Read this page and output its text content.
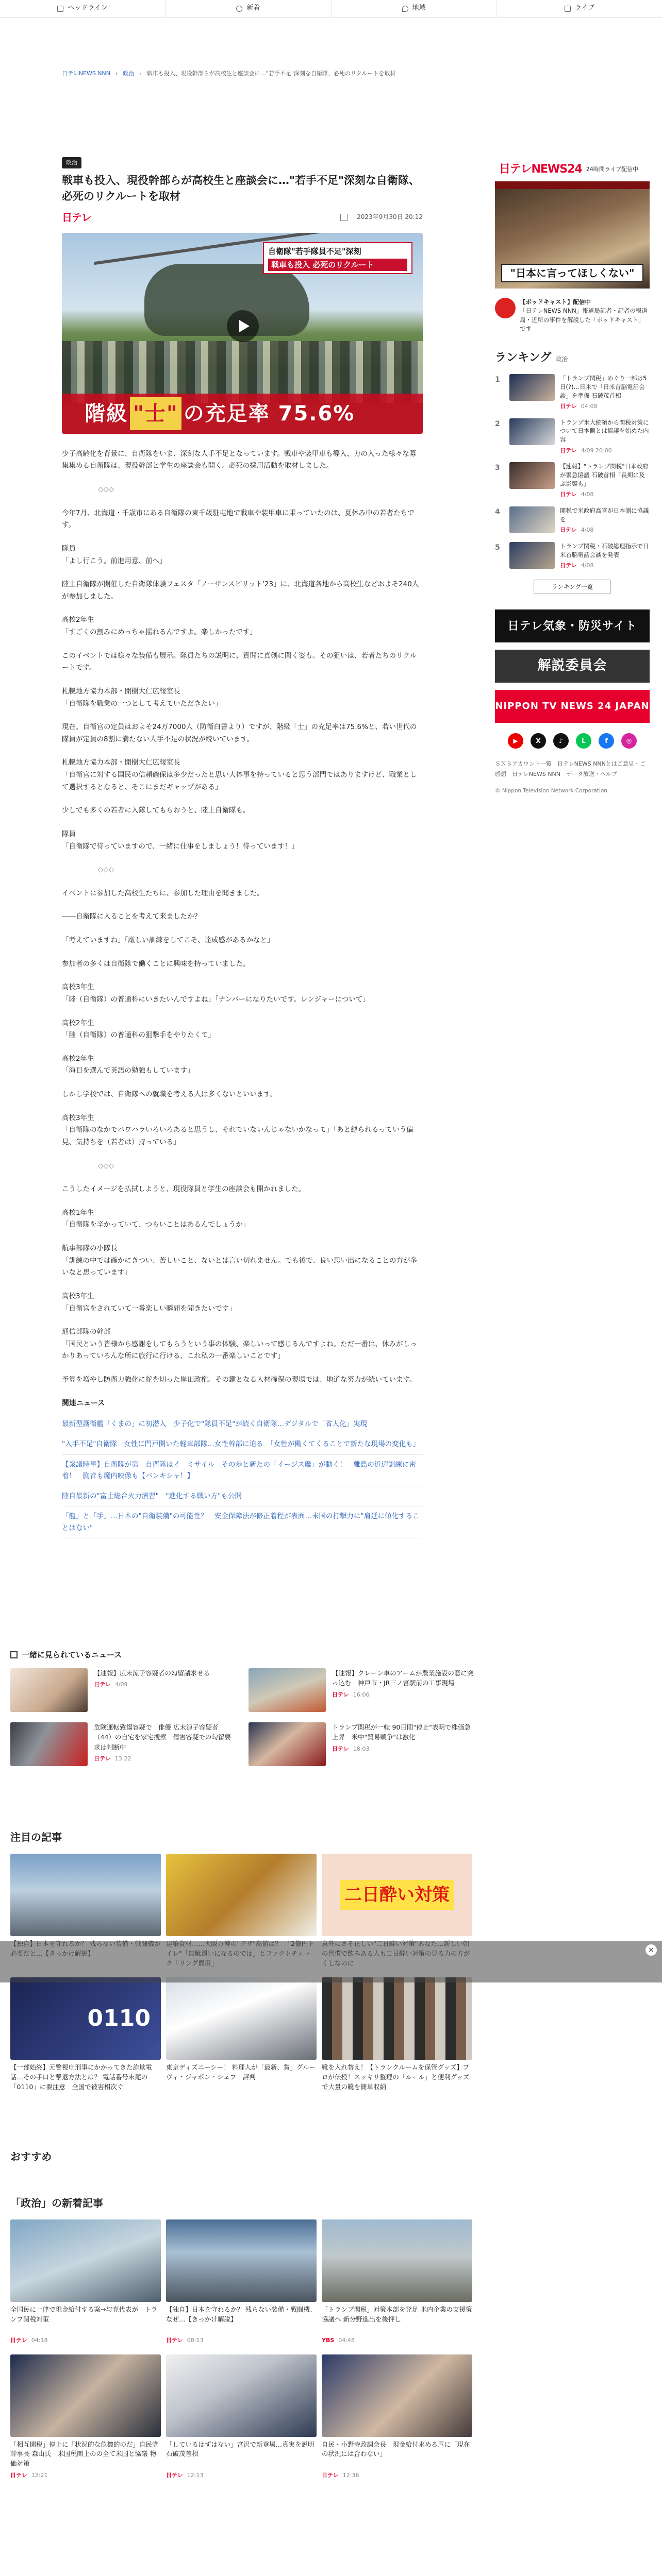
ヘッドライン	新着	地域	ライブ
日テレNEWS NNN › 政治 › 戦車も投入、現役幹部らが高校生と座談会に…"若手不足"深刻な自衛隊、必死のリクルートを取材
政治
戦車も投入、現役幹部らが高校生と座談会に…"若手不足"深刻な自衛隊、必死のリクルートを取材
日テレ	2023年9月30日 20:12
自衛隊"若手隊員不足"深刻
戦車も投入 必死のリクルート
階級 "士" の充足率 75.6%

少子高齢化を背景に、自衛隊をいま、深刻な人手不足となっています。戦車や装甲車も導入、力の入った様々な募集集める自衛隊は、現役幹部と学生の座談会も開く。必死の採用活動を取材しました。

◇◇◇

今年7月、北海道・千歳市にある自衛隊の東千歳駐屯地で戦車や装甲車に乗っていたのは、夏休み中の若者たちです。

隊員
「よし行こう。前進用意、前へ」

陸上自衛隊が開催した自衛隊体験フェスタ「ノーザンスピリット'23」に、北海道各地から高校生などおよそ240人が参加しました。

高校2年生
「すごくの割みにめっちゃ揺れるんですよ。楽しかったです」

このイベントでは様々な装備も展示。隊員たちの説明に、質問に真剣に聞く姿も。その狙いは、若者たちのリクルートです。

札幌地方協力本部・開樹大仁広報室長
「自衛隊を職業の一つとして考えていただきたい」

現在、自衛官の定員はおよそ24万7000人（防衛白書より）ですが、階級「士」の充足率は75.6%と、若い世代の隊員が定員の8割に満たない人手不足の状況が続いています。

札幌地方協力本部・開樹大仁広報室長
「自衛官に対する国民の信頼確保は多少だったと思い大体事を持っていると思う部門ではありますけど、職業として選択するとなると、そこにまだギャップがある」

少しでも多くの若者に入隊してもらおうと、陸上自衛隊も。

隊員
「自衛隊で待っていますので、一緒に仕事をしましょう！待っています！」

◇◇◇

イベントに参加した高校生たちに、参加した理由を聞きました。

――自衛隊に入ることを考えて来ましたか？

「考えていますね」「厳しい訓練をしてこそ、達成感があるかなと」

参加者の多くは自衛隊で働くことに興味を持っていました。

高校3年生
「陸（自衛隊）の普通科にいきたいんですよね」「ナンバーになりたいです。レンジャーについて」

高校2年生
「陸（自衛隊）の普通科の狙撃手をやりたくて」

高校2年生
「海目を選んで英語の勉強もしています」

しかし学校では、自衛隊への就職を考える人は多くないといいます。

高校3年生
「自衛隊のなかでパワハラいろいろあると思うし、それでいないんじゃないかなって」「あと縛られるっていう偏見、気持ちを（若者は）持っている」

◇◇◇

こうしたイメージを払拭しようと、現役隊員と学生の座談会も開かれました。

高校1年生
「自衛隊を辛かっていて、つらいことはあるんでしょうか」

航事部隊の小隊長
「訓練の中では確かにきつい、苦しいこと、ないとは言い切れません。でも後で、良い思い出になることの方が多いなと思っています」

高校3年生
「自衛官をされていて一番楽しい瞬間を聞きたいです」

通信部隊の幹部
「国民という皆様から感謝をしてもらうという事の体験、楽しいって感じるんですよね。ただ一番は、休みがしっかりあっていろんな所に旅行に行ける、これ私の一番楽しいことです」

予算を増やし防衛力強化に舵を切った岸田政権。その鍵となる人材確保の現場では、地道な努力が続いています。

関連ニュース
最新型護衛艦「くまの」に初潜入　少子化で"隊員不足"が続く自衛隊…デジタルで「省人化」実現
"入手不足"自衛隊　女性に門戸開いた軽車部隊…女性幹部に迫る　「女性が働くてくることで新たな現場の変化も」
【衆議時事】自衛隊が第　自衛隊はイ　ミサイル　その歩と新たの「イージス艦」が動く！　離島の近辺訓練に密着！　胸音も魔内映像も【バンキシャ！】
陸自最新の"富士総合火力演習"　"進化する戦い方"も公開
「龍」と「手」…日本の"自衛装備"の可能性？　安全保障法が修正着程が表面…未国の打撃力に"肩延に傾化することはない"
一緒に見られているニュース
【速報】広末涼子容疑者の勾留請求せる
日テレ 4/09
【速報】クレーン車のアームが農業施設の窓に突っ込む　神戸市・JR三ノ宮駅前の工事現場
日テレ 16:06
危険運転致傷容疑で　俳優 広末涼子容疑者（44）の自宅を家宅捜索　傷害容疑での勾留要求は判断中
日テレ 13:22
トランプ関税が一転 90日間"停止"表明で株価急上昇　米中"貿易戦争"は激化
日テレ 18:03
注目の記事
二日酔い対策
0110
【一部始終】元警視庁刑事にかかってきた詐欺電話…その手口と撃退方法とは？ 電話番号末尾の「0110」に要注意　全国で被害相次ぐ
東京ディズニーシー！ 料理人が「最新、賞」グルーヴィ・ジャポン・シェフ　評判
靴を入れ替え！【トランクルームを保管グッズ】プロが伝授！スッキリ整理の「ルール」と便利グッズで大量の靴を簡単収納
×
おすすめ
「政治」の新着記事
全国民に一律で現金給付する案→与党代表が　トランプ関税対策
日テレ 04:18
【独自】日本を守れるか？ 残らない装備・戦闘機、なぜ…【きっかけ解説】
日テレ 08:13
「トランプ関税」対策本部を発足 米内企業の支援策協議へ 新分野進出を後押し
YBS 04:48
「相互関税」停止に「状況的な危機的のだ」自民党幹事長 森山氏　米国税関上のの全て米国と協議 物価対策
日テレ 12:21
「しているはずはない」宮沢で新登場…真実を説明 石破茂首相
日テレ 12:13
自民・小野寺政調会長　現金給付求める声に「現在の状況には合わない」
日テレ 12:36
日テレNEWS24 24時間ライブ配信中
"日本に言ってほしくない"
【ポッドキャスト】配信中
「日テレNEWS NNN」報道局記者・記者の報道局・近所の事件を解説した「ポッドキャスト」です
ランキング 政治
1	「トランプ関税」めぐり一部は5日(?)…日米で「日米首脳電話会談」を準備 石破茂首相
日テレ 04:08
2	トランプ米大統領から関税対策について日本側とは協議を始めた内容
日テレ 4/09 20:00
3	【速報】"トランプ関税"日本政府が緊急協議 石破首相「長期に及ぶ影響も」
日テレ 4/08
4	関税で米政府高官が日本側に協議を
日テレ 4/08
5	トランプ関税・石破総理指示で日米首脳電話会談を発表
日テレ 4/08
ランキング一覧
日テレ気象・防災サイト
解説委員会
NIPPON TV NEWS 24 JAPAN
▶	X	♪	L	f	◎
ＳＮＳアカウント一覧　日テレNEWS NNNとはご意見・ご感想　日テレNEWS NNN　データ放送・ヘルプ
© Nippon Television Network Corporation
